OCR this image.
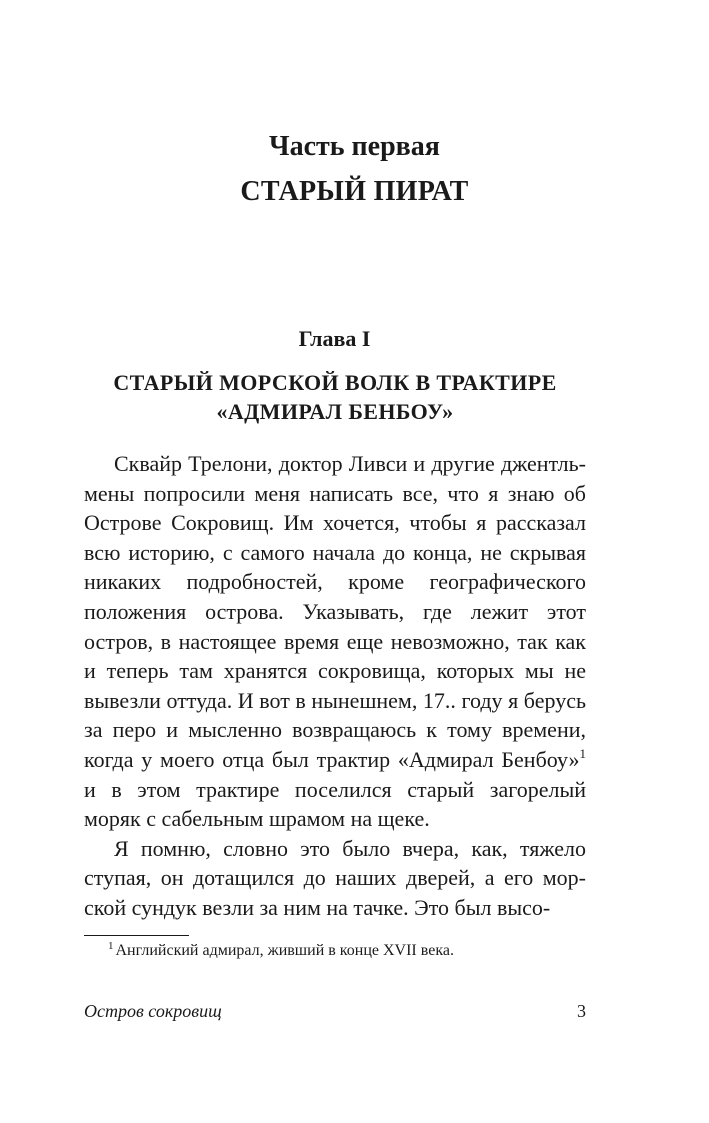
Часть первая
СТАРЫЙ ПИРАТ
Глава I
СТАРЫЙ МОРСКОЙ ВОЛК В ТРАКТИРЕ
«АДМИРАЛ БЕНБОУ»

Сквайр Трелони, доктор Ливси и другие джентльмены попросили меня написать все, что я знаю об Острове Сокровищ. Им хочется, чтобы я рассказал всю историю, с самого начала до конца, не скрывая никаких подробностей, кроме географического положения острова. Указывать, где лежит этот остров, в настоящее время еще невозможно, так как и теперь там хранятся сокровища, которых мы не вывезли оттуда. И вот в нынешнем, 17.. году я берусь за перо и мысленно возвращаюсь к тому времени, когда у моего отца был трактир «Адмирал Бенбоу»$^1$ и в этом трактире поселился старый загорелый моряк с сабельным шрамом на щеке.

Я помню, словно это было вчера, как, тяжело ступая, он дотащился до наших дверей, а его морской сундук везли за ним на тачке. Это был высо-

$^1$ Английский адмирал, живший в конце XVII века.
Остров сокровищ	3
